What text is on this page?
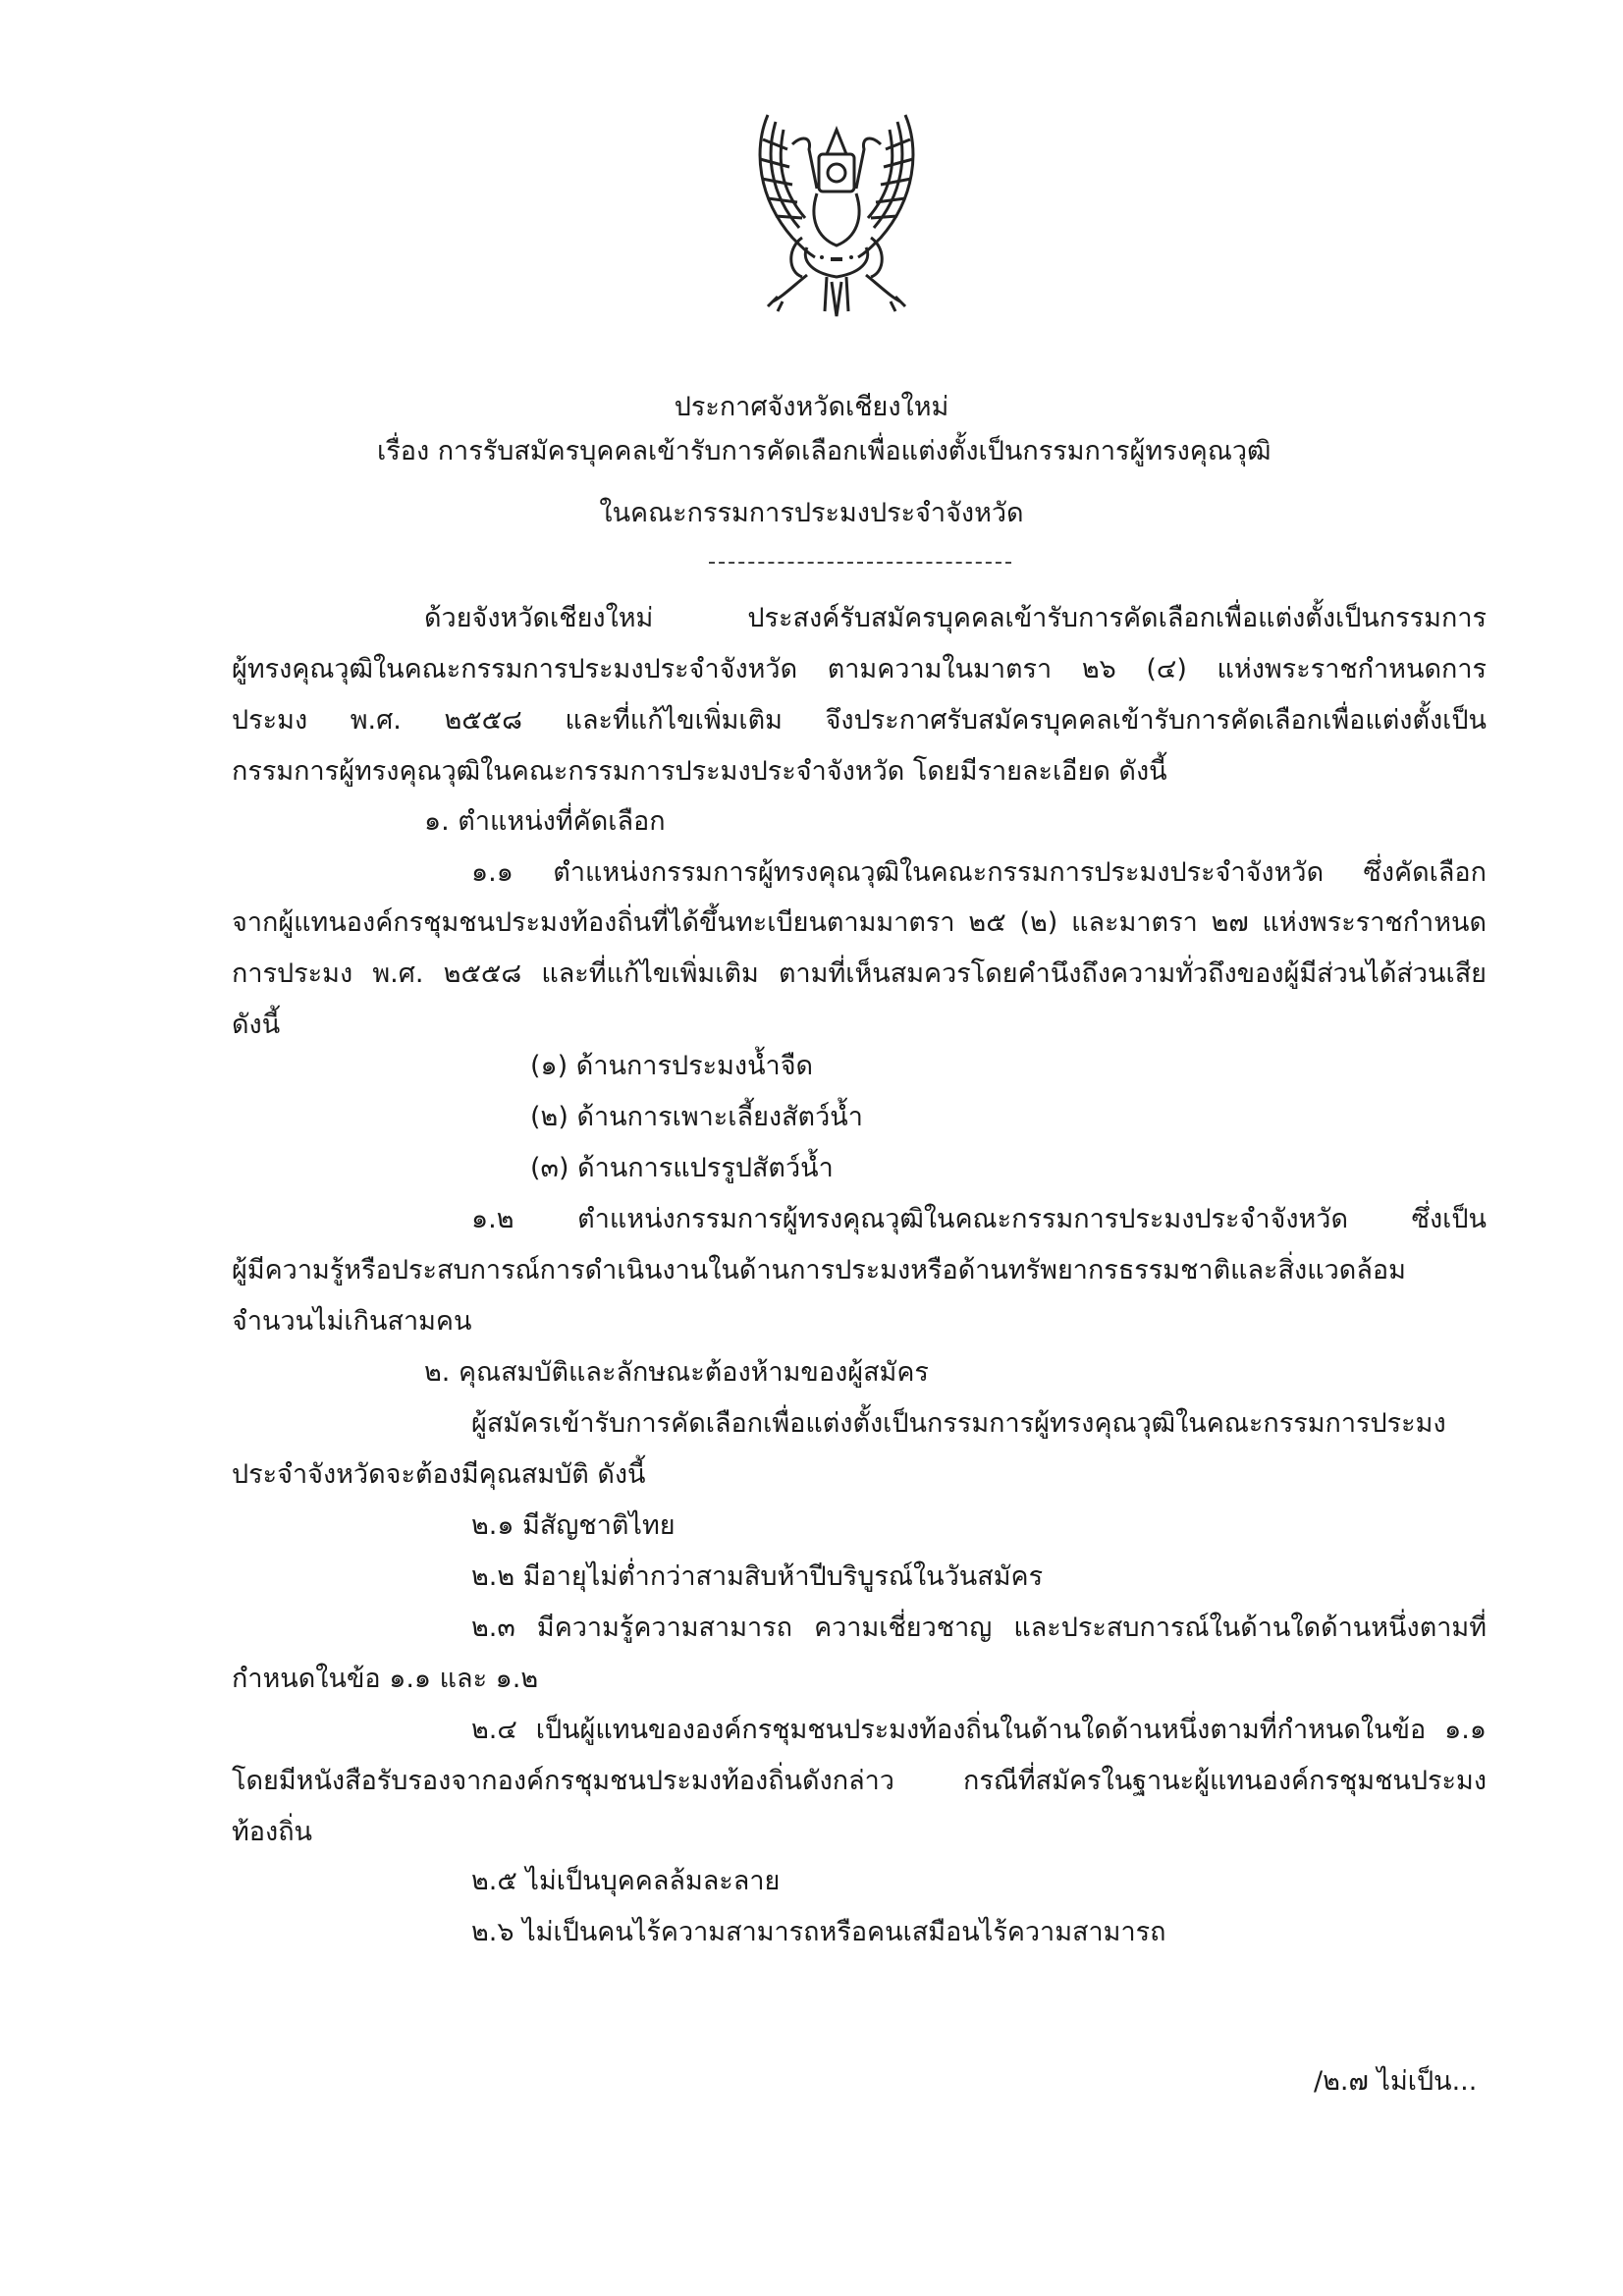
ประกาศจังหวัดเชียงใหม่
เรื่อง การรับสมัครบุคคลเข้ารับการคัดเลือกเพื่อแต่งตั้งเป็นกรรมการผู้ทรงคุณวุฒิ
ในคณะกรรมการประมงประจำจังหวัด
ด้วยจังหวัดเชียงใหม่ ประสงค์รับสมัครบุคคลเข้ารับการคัดเลือกเพื่อแต่งตั้งเป็นกรรมการ
ผู้ทรงคุณวุฒิในคณะกรรมการประมงประจำจังหวัด ตามความในมาตรา ๒๖ (๔) แห่งพระราชกำหนดการ
ประมง พ.ศ. ๒๕๕๘ และที่แก้ไขเพิ่มเติม จึงประกาศรับสมัครบุคคลเข้ารับการคัดเลือกเพื่อแต่งตั้งเป็น
กรรมการผู้ทรงคุณวุฒิในคณะกรรมการประมงประจำจังหวัด โดยมีรายละเอียด ดังนี้
๑. ตำแหน่งที่คัดเลือก
๑.๑ ตำแหน่งกรรมการผู้ทรงคุณวุฒิในคณะกรรมการประมงประจำจังหวัด ซึ่งคัดเลือก
จากผู้แทนองค์กรชุมชนประมงท้องถิ่นที่ได้ขึ้นทะเบียนตามมาตรา ๒๕ (๒) และมาตรา ๒๗ แห่งพระราชกำหนด
การประมง พ.ศ. ๒๕๕๘ และที่แก้ไขเพิ่มเติม ตามที่เห็นสมควรโดยคำนึงถึงความทั่วถึงของผู้มีส่วนได้ส่วนเสีย
ดังนี้
(๑) ด้านการประมงน้ำจืด
(๒) ด้านการเพาะเลี้ยงสัตว์น้ำ
(๓) ด้านการแปรรูปสัตว์น้ำ
๑.๒ ตำแหน่งกรรมการผู้ทรงคุณวุฒิในคณะกรรมการประมงประจำจังหวัด ซึ่งเป็น
ผู้มีความรู้หรือประสบการณ์การดำเนินงานในด้านการประมงหรือด้านทรัพยากรธรรมชาติและสิ่งแวดล้อม
จำนวนไม่เกินสามคน
๒. คุณสมบัติและลักษณะต้องห้ามของผู้สมัคร
ผู้สมัครเข้ารับการคัดเลือกเพื่อแต่งตั้งเป็นกรรมการผู้ทรงคุณวุฒิในคณะกรรมการประมง
ประจำจังหวัดจะต้องมีคุณสมบัติ ดังนี้
๒.๑ มีสัญชาติไทย
๒.๒ มีอายุไม่ต่ำกว่าสามสิบห้าปีบริบูรณ์ในวันสมัคร
๒.๓ มีความรู้ความสามารถ ความเชี่ยวชาญ และประสบการณ์ในด้านใดด้านหนึ่งตามที่
กำหนดในข้อ ๑.๑ และ ๑.๒
๒.๔ เป็นผู้แทนขององค์กรชุมชนประมงท้องถิ่นในด้านใดด้านหนึ่งตามที่กำหนดในข้อ ๑.๑
โดยมีหนังสือรับรองจากองค์กรชุมชนประมงท้องถิ่นดังกล่าว กรณีที่สมัครในฐานะผู้แทนองค์กรชุมชนประมง
ท้องถิ่น
๒.๕ ไม่เป็นบุคคลล้มละลาย
๒.๖ ไม่เป็นคนไร้ความสามารถหรือคนเสมือนไร้ความสามารถ
/๒.๗ ไม่เป็น...
